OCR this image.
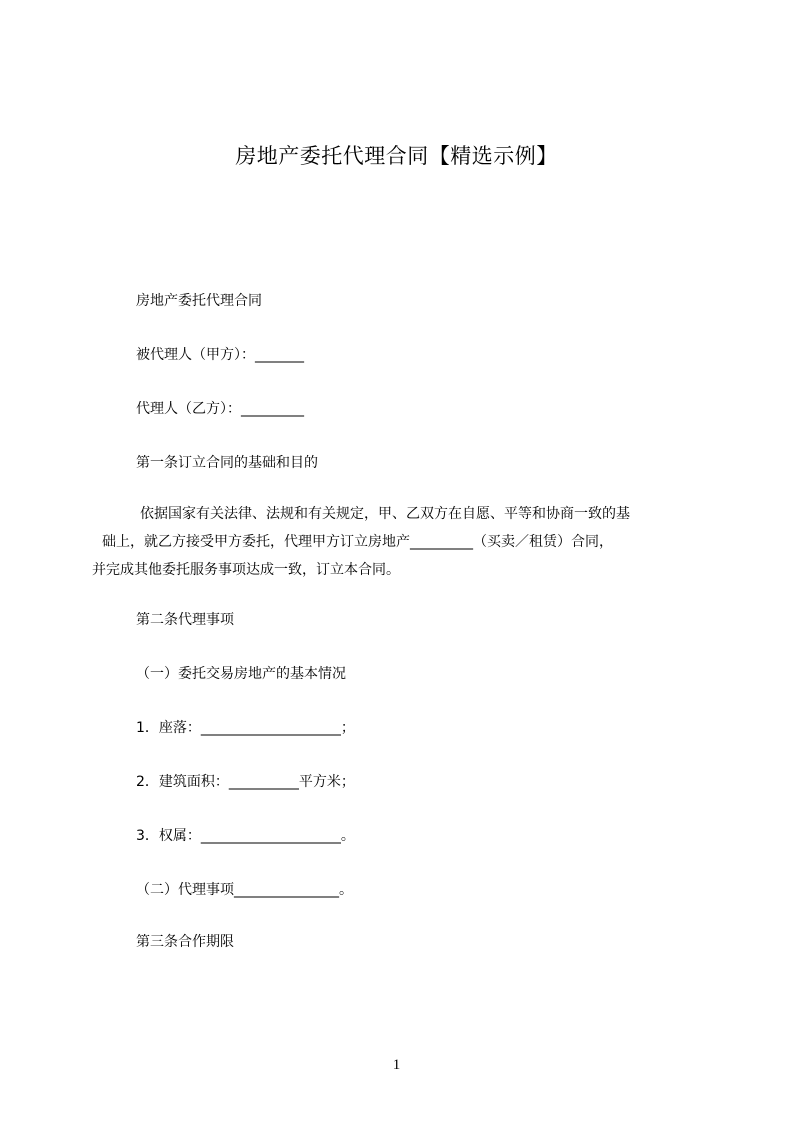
房地产委托代理合同【精选示例】
房地产委托代理合同
被代理人（甲方）：_______
代理人（乙方）：_________
第一条订立合同的基础和目的
依据国家有关法律、法规和有关规定，甲、乙双方在自愿、平等和协商一致的基
础上，就乙方接受甲方委托，代理甲方订立房地产_________（买卖／租赁）合同，
并完成其他委托服务事项达成一致，订立本合同。
第二条代理事项
（一）委托交易房地产的基本情况
1．座落：____________________；
2．建筑面积：__________平方米；
3．权属：____________________。
（二）代理事项_______________。
第三条合作期限
1
